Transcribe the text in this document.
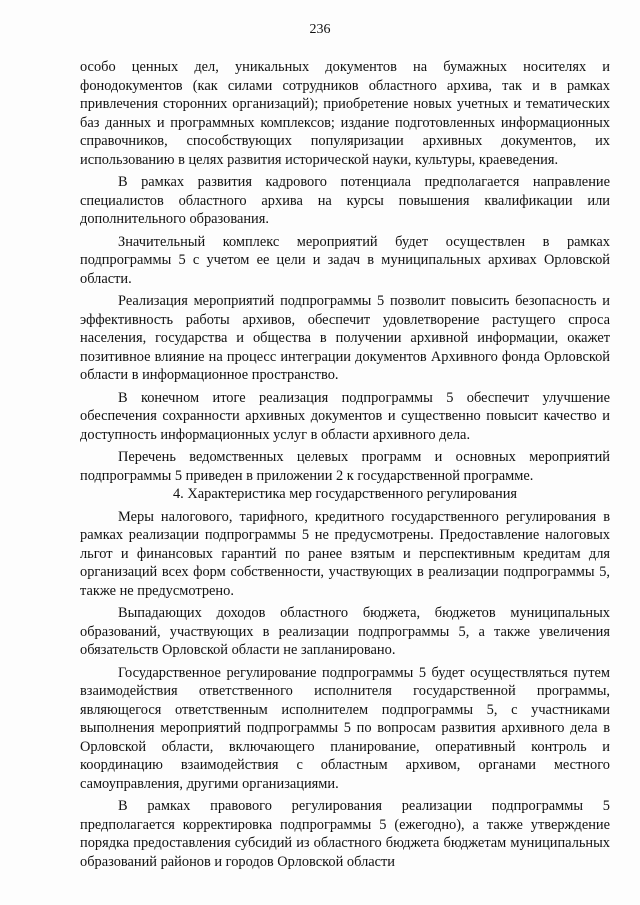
236

особо ценных дел, уникальных документов на бумажных носителях и фонодокументов (как силами сотрудников областного архива, так и в рамках привлечения сторонних организаций); приобретение новых учетных и тематических баз данных и программных комплексов; издание подготовленных информационных справочников, способствующих популяризации архивных документов, их использованию в целях развития исторической науки, культуры, краеведения.

В рамках развития кадрового потенциала предполагается направление специалистов областного архива на курсы повышения квалификации или дополнительного образования.

Значительный комплекс мероприятий будет осуществлен в рамках подпрограммы 5 с учетом ее цели и задач в муниципальных архивах Орловской области.

Реализация мероприятий подпрограммы 5 позволит повысить безопасность и эффективность работы архивов, обеспечит удовлетворение растущего спроса населения, государства и общества в получении архивной информации, окажет позитивное влияние на процесс интеграции документов Архивного фонда Орловской области в информационное пространство.

В конечном итоге реализация подпрограммы 5 обеспечит улучшение обеспечения сохранности архивных документов и существенно повысит качество и доступность информационных услуг в области архивного дела.

Перечень ведомственных целевых программ и основных мероприятий подпрограммы 5 приведен в приложении 2 к государственной программе.

4. Характеристика мер государственного регулирования

Меры налогового, тарифного, кредитного государственного регулирования в рамках реализации подпрограммы 5 не предусмотрены. Предоставление налоговых льгот и финансовых гарантий по ранее взятым и перспективным кредитам для организаций всех форм собственности, участвующих в реализации подпрограммы 5, также не предусмотрено.

Выпадающих доходов областного бюджета, бюджетов муниципальных образований, участвующих в реализации подпрограммы 5, а также увеличения обязательств Орловской области не запланировано.

Государственное регулирование подпрограммы 5 будет осуществляться путем взаимодействия ответственного исполнителя государственной программы, являющегося ответственным исполнителем подпрограммы 5, с участниками выполнения мероприятий подпрограммы 5 по вопросам развития архивного дела в Орловской области, включающего планирование, оперативный контроль и координацию взаимодействия с областным архивом, органами местного самоуправления, другими организациями.

В рамках правового регулирования реализации подпрограммы 5 предполагается корректировка подпрограммы 5 (ежегодно), а также утверждение порядка предоставления субсидий из областного бюджета бюджетам муниципальных образований районов и городов Орловской области
